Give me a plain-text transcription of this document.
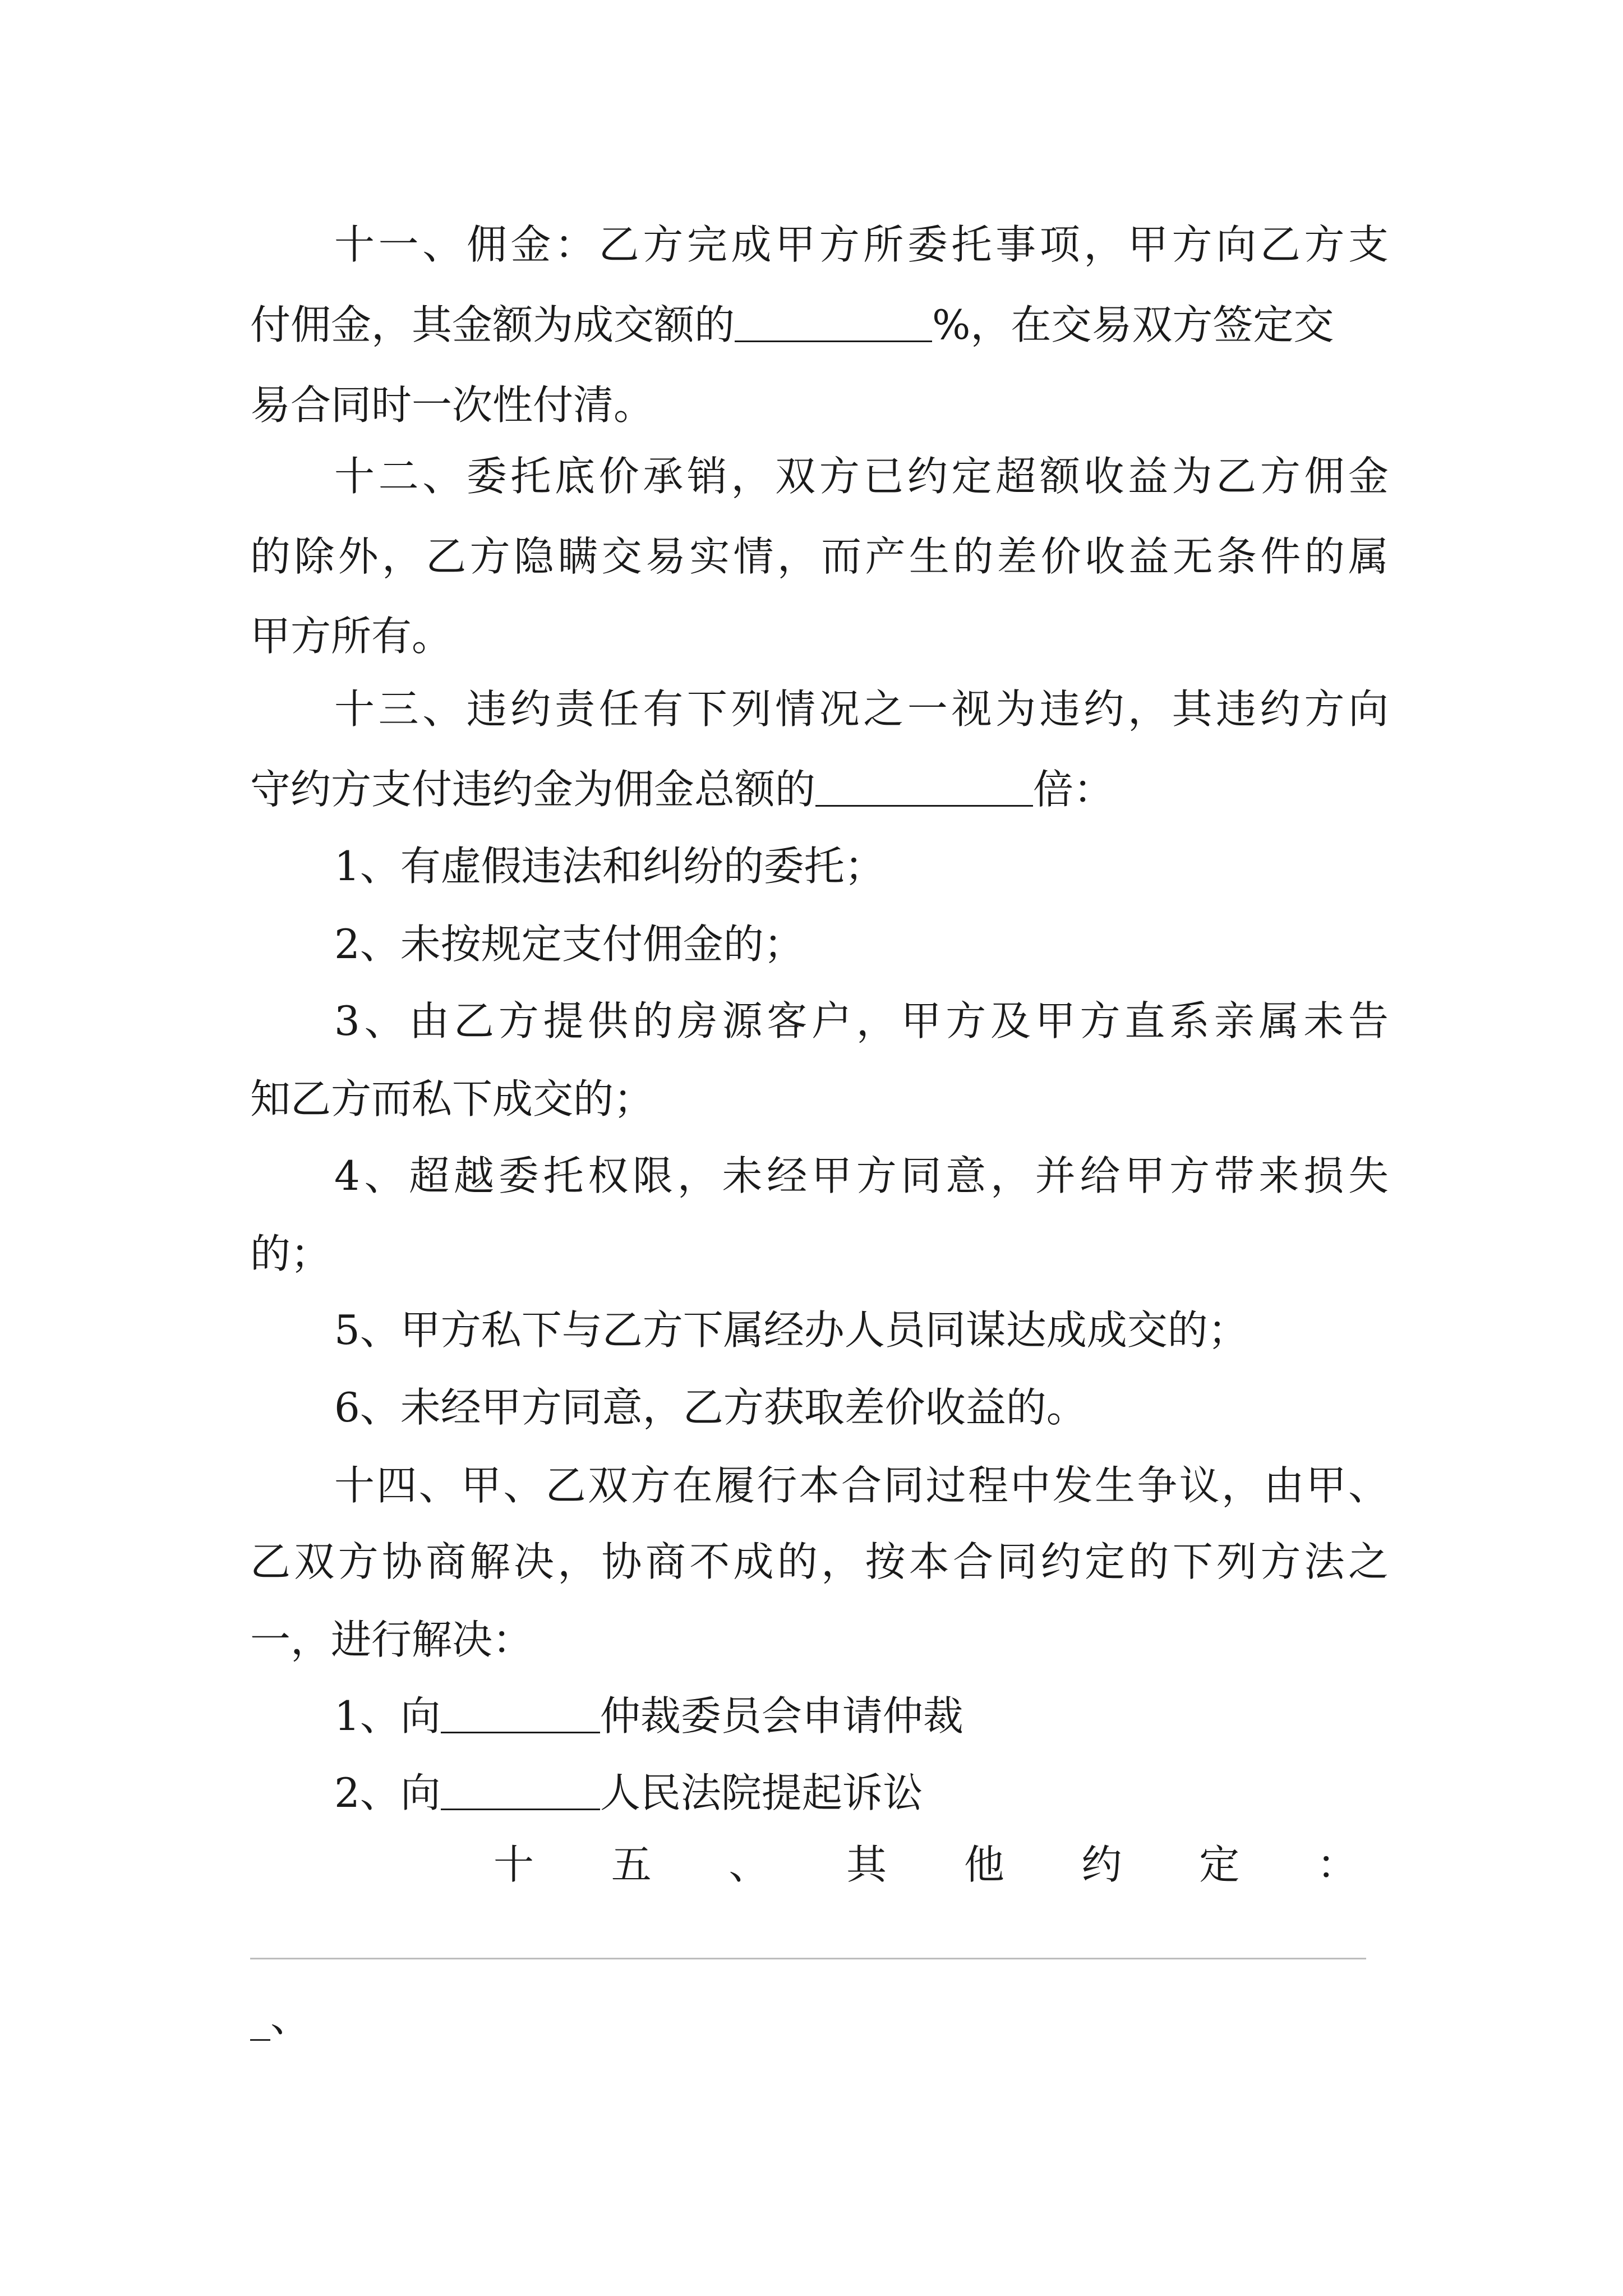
十一、佣金：乙方完成甲方所委托事项，甲方向乙方支
付佣金，其金额为成交额的	%，在交易双方签定交
易合同时一次性付清。
十二、委托底价承销，双方已约定超额收益为乙方佣金
的除外，乙方隐瞒交易实情，而产生的差价收益无条件的属
甲方所有。
十三、违约责任有下列情况之一视为违约，其违约方向
守约方支付违约金为佣金总额的	倍：
1、有虚假违法和纠纷的委托；
2、未按规定支付佣金的；
3、由乙方提供的房源客户，甲方及甲方直系亲属未告
知乙方而私下成交的；
4、超越委托权限，未经甲方同意，并给甲方带来损失
的；
5、甲方私下与乙方下属经办人员同谋达成成交的；
6、未经甲方同意，乙方获取差价收益的。
十四、甲、乙双方在履行本合同过程中发生争议，由甲、
乙双方协商解决，协商不成的，按本合同约定的下列方法之
一，进行解决：
1、向	仲裁委员会申请仲裁
2、向	人民法院提起诉讼
十五、其他约定：
_、
